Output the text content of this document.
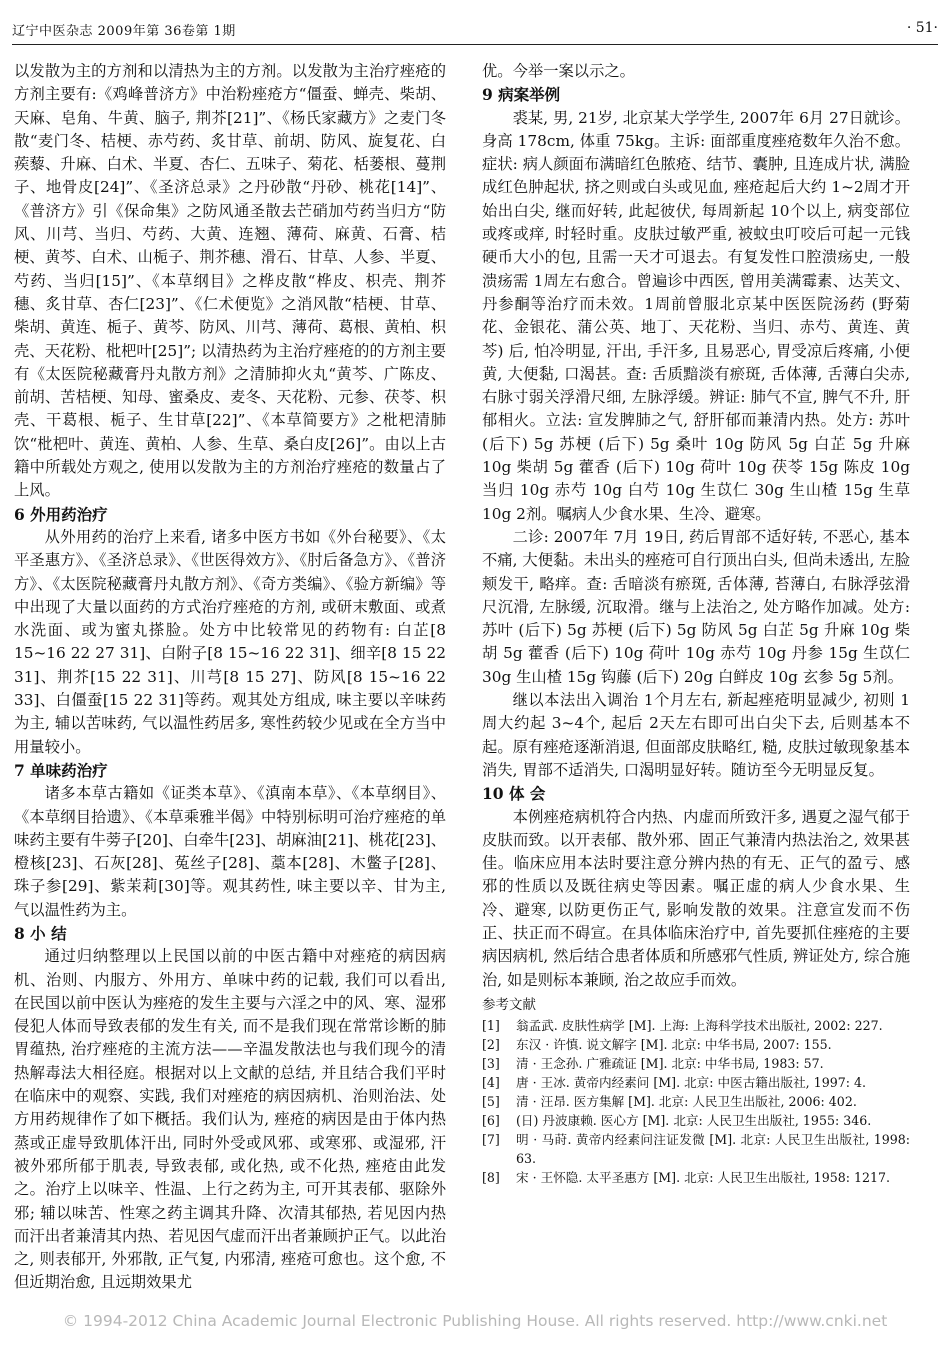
辽宁中医杂志 2009年第 36卷第 1期	· 51·

以发散为主的方剂和以清热为主的方剂。以发散为主治疗痤疮的方剂主要有:《鸡峰普济方》中治粉痤疮方“僵蚕、蝉壳、柴胡、天麻、皂角、牛黄、脑子, 荆芥[21]”、《杨氏家藏方》之麦门冬散“麦门冬、桔梗、赤芍药、炙甘草、前胡、防风、旋复花、白蒺藜、升麻、白术、半夏、杏仁、五味子、菊花、栝蒌根、蔓荆子、地骨皮[24]”、《圣济总录》之丹砂散“丹砂、桃花[14]”、《普济方》引《保命集》之防风通圣散去芒硝加芍药当归方“防风、川芎、当归、芍药、大黄、连翘、薄荷、麻黄、石膏、桔梗、黄芩、白术、山栀子、荆芥穗、滑石、甘草、人参、半夏、芍药、当归[15]”、《本草纲目》之桦皮散“桦皮、枳壳、荆芥穗、炙甘草、杏仁[23]”、《仁术便览》之消风散“桔梗、甘草、柴胡、黄连、栀子、黄芩、防风、川芎、薄荷、葛根、黄柏、枳壳、天花粉、枇杷叶[25]”; 以清热药为主治疗痤疮的的方剂主要有《太医院秘藏膏丹丸散方剂》之清肺抑火丸“黄芩、广陈皮、前胡、苦桔梗、知母、蜜桑皮、麦冬、天花粉、元参、茯苓、枳壳、干葛根、栀子、生甘草[22]”、《本草简要方》之枇杷清肺饮“枇杷叶、黄连、黄柏、人参、生草、桑白皮[26]”。由以上古籍中所载处方观之, 使用以发散为主的方剂治疗痤疮的数量占了上风。

6 外用药治疗

从外用药的治疗上来看, 诸多中医方书如《外台秘要》、《太平圣惠方》、《圣济总录》、《世医得效方》、《肘后备急方》、《普济方》、《太医院秘藏膏丹丸散方剂》、《奇方类编》、《验方新编》等中出现了大量以面药的方式治疗痤疮的方剂, 或研末敷面、或煮水洗面、或为蜜丸搽脸。处方中比较常见的药物有: 白芷[8 15~16 22 27 31]、白附子[8 15~16 22 31]、细辛[8 15 22 31]、荆芥[15 22 31]、川芎[8 15 27]、防风[8 15~16 22 33]、白僵蚕[15 22 31]等药。观其处方组成, 味主要以辛味药为主, 辅以苦味药, 气以温性药居多, 寒性药较少见或在全方当中用量较小。

7 单味药治疗

诸多本草古籍如《证类本草》、《滇南本草》、《本草纲目》、《本草纲目拾遗》、《本草乘雅半偈》中特别标明可治疗痤疮的单味药主要有牛蒡子[20]、白牵牛[23]、胡麻油[21]、桃花[23]、橙核[23]、石灰[28]、菟丝子[28]、藁本[28]、木鳖子[28]、珠子参[29]、紫茉莉[30]等。观其药性, 味主要以辛、甘为主, 气以温性药为主。

8 小 结

通过归纳整理以上民国以前的中医古籍中对痤疮的病因病机、治则、内服方、外用方、单味中药的记载, 我们可以看出, 在民国以前中医认为痤疮的发生主要与六淫之中的风、寒、湿邪侵犯人体而导致表郁的发生有关, 而不是我们现在常常诊断的肺胃蕴热, 治疗痤疮的主流方法——辛温发散法也与我们现今的清热解毒法大相径庭。根据对以上文献的总结, 并且结合我们平时在临床中的观察、实践, 我们对痤疮的病因病机、治则治法、处方用药规律作了如下概括。我们认为, 痤疮的病因是由于体内热蒸或正虚导致肌体汗出, 同时外受或风邪、或寒邪、或湿邪, 汗被外邪所郁于肌表, 导致表郁, 或化热, 或不化热, 痤疮由此发之。治疗上以味辛、性温、上行之药为主, 可开其表郁、驱除外邪; 辅以味苦、性寒之药主调其升降、次清其郁热, 若见因内热而汗出者兼清其内热、若见因气虚而汗出者兼顾护正气。以此治之, 则表郁开, 外邪散, 正气复, 内邪清, 痤疮可愈也。这个愈, 不但近期治愈, 且远期效果尤

优。今举一案以示之。

9 病案举例

裘某, 男, 21岁, 北京某大学学生, 2007年 6月 27日就诊。身高 178cm, 体重 75kg。主诉: 面部重度痤疮数年久治不愈。症状: 病人颜面布满暗红色脓疮、结节、囊肿, 且连成片状, 满脸成红色肿起状, 挤之则或白头或见血, 痤疮起后大约 1~2周才开始出白尖, 继而好转, 此起彼伏, 每周新起 10个以上, 病变部位或疼或痒, 时轻时重。皮肤过敏严重, 被蚊虫叮咬后可起一元钱硬币大小的包, 且需一天才可退去。有复发性口腔溃疡史, 一般溃疡需 1周左右愈合。曾遍诊中西医, 曾用美满霉素、达芙文、丹参酮等治疗而未效。1周前曾服北京某中医医院汤药 (野菊花、金银花、蒲公英、地丁、天花粉、当归、赤芍、黄连、黄芩) 后, 怕冷明显, 汗出, 手汗多, 且易恶心, 胃受凉后疼痛, 小便黄, 大便黏, 口渴甚。查: 舌质黯淡有瘀斑, 舌体薄, 舌薄白尖赤, 右脉寸弱关浮滑尺细, 左脉浮缓。辨证: 肺气不宣, 脾气不升, 肝郁相火。立法: 宣发脾肺之气, 舒肝郁而兼清内热。处方: 苏叶 (后下) 5g 苏梗 (后下) 5g 桑叶 10g 防风 5g 白芷 5g 升麻 10g 柴胡 5g 藿香 (后下) 10g 荷叶 10g 茯苓 15g 陈皮 10g 当归 10g 赤芍 10g 白芍 10g 生苡仁 30g 生山楂 15g 生草 10g 2剂。嘱病人少食水果、生冷、避寒。

二诊: 2007年 7月 19日, 药后胃部不适好转, 不恶心, 基本不痛, 大便黏。未出头的痤疮可自行顶出白头, 但尚未透出, 左脸颊发干, 略痒。查: 舌暗淡有瘀斑, 舌体薄, 苔薄白, 右脉浮弦滑尺沉滑, 左脉缓, 沉取滑。继与上法治之, 处方略作加减。处方: 苏叶 (后下) 5g 苏梗 (后下) 5g 防风 5g 白芷 5g 升麻 10g 柴胡 5g 藿香 (后下) 10g 荷叶 10g 赤芍 10g 丹参 15g 生苡仁 30g 生山楂 15g 钩藤 (后下) 20g 白鲜皮 10g 玄参 5g 5剂。

继以本法出入调治 1个月左右, 新起痤疮明显减少, 初则 1周大约起 3~4个, 起后 2天左右即可出白尖下去, 后则基本不起。原有痤疮逐渐消退, 但面部皮肤略红, 糙, 皮肤过敏现象基本消失, 胃部不适消失, 口渴明显好转。随访至今无明显反复。

10 体 会

本例痤疮病机符合内热、内虚而所致汗多, 遇夏之湿气郁于皮肤而致。以开表郁、散外邪、固正气兼清内热法治之, 效果甚佳。临床应用本法时要注意分辨内热的有无、正气的盈亏、感邪的性质以及既往病史等因素。嘱正虚的病人少食水果、生冷、避寒, 以防更伤正气, 影响发散的效果。注意宣发而不伤正、扶正而不碍宣。在具体临床治疗中, 首先要抓住痤疮的主要病因病机, 然后结合患者体质和所感邪气性质, 辨证处方, 综合施治, 如是则标本兼顾, 治之故应手而效。

参考文献
[1]	翁孟武. 皮肤性病学 [M]. 上海: 上海科学技术出版社, 2002: 227.
[2]	东汉 · 许慎. 说文解字 [M]. 北京: 中华书局, 2007: 155.
[3]	清 · 王念孙. 广雅疏证 [M]. 北京: 中华书局, 1983: 57.
[4]	唐 · 王冰. 黄帝内经素问 [M]. 北京: 中医古籍出版社, 1997: 4.
[5]	清 · 汪昂. 医方集解 [M]. 北京: 人民卫生出版社, 2006: 402.
[6]	(日) 丹波康赖. 医心方 [M]. 北京: 人民卫生出版社, 1955: 346.
[7]	明 · 马莳. 黄帝内经素问注证发微 [M]. 北京: 人民卫生出版社, 1998: 63.
[8]	宋 · 王怀隐. 太平圣惠方 [M]. 北京: 人民卫生出版社, 1958: 1217.
© 1994-2012 China Academic Journal Electronic Publishing House. All rights reserved. http://www.cnki.net
